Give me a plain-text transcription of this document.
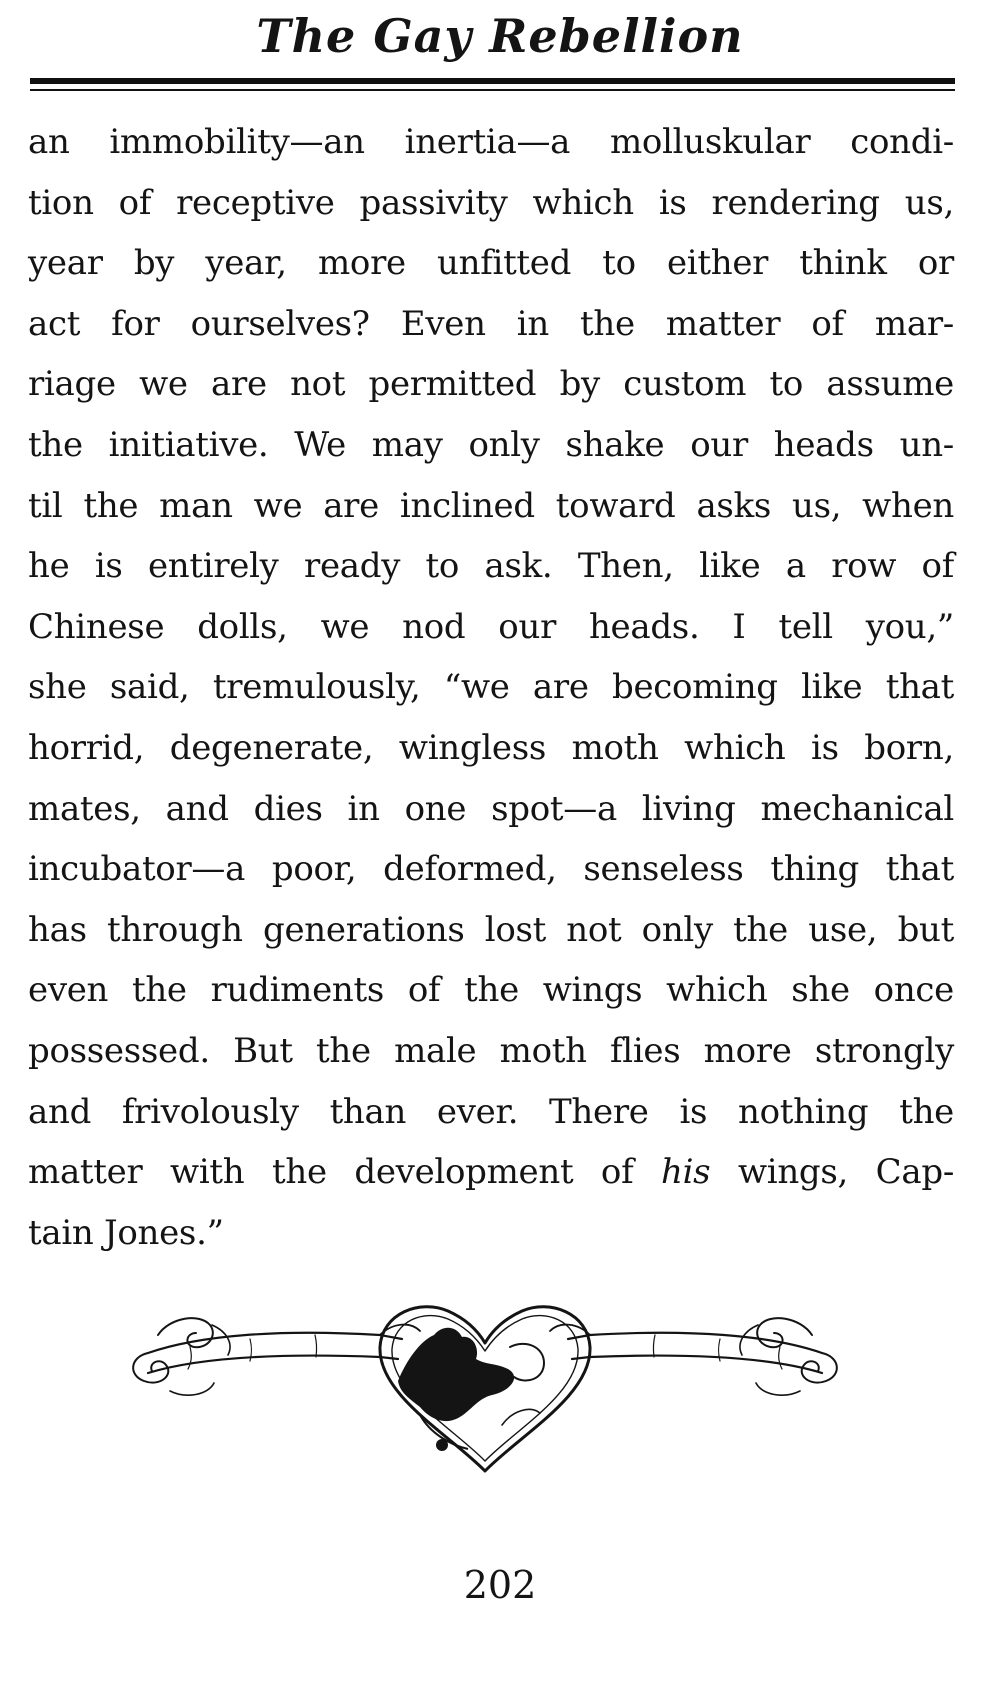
The Gay Rebellion
an immobility—an inertia—a molluskular condi-
tion of receptive passivity which is rendering us,
year by year, more unfitted to either think or
act for ourselves? Even in the matter of mar-
riage we are not permitted by custom to assume
the initiative. We may only shake our heads un-
til the man we are inclined toward asks us, when
he is entirely ready to ask. Then, like a row of
Chinese dolls, we nod our heads. I tell you,”
she said, tremulously, “we are becoming like that
horrid, degenerate, wingless moth which is born,
mates, and dies in one spot—a living mechanical
incubator—a poor, deformed, senseless thing that
has through generations lost not only the use, but
even the rudiments of the wings which she once
possessed. But the male moth flies more strongly
and frivolously than ever. There is nothing the
matter with the development of his wings, Cap-
tain Jones.”
202
